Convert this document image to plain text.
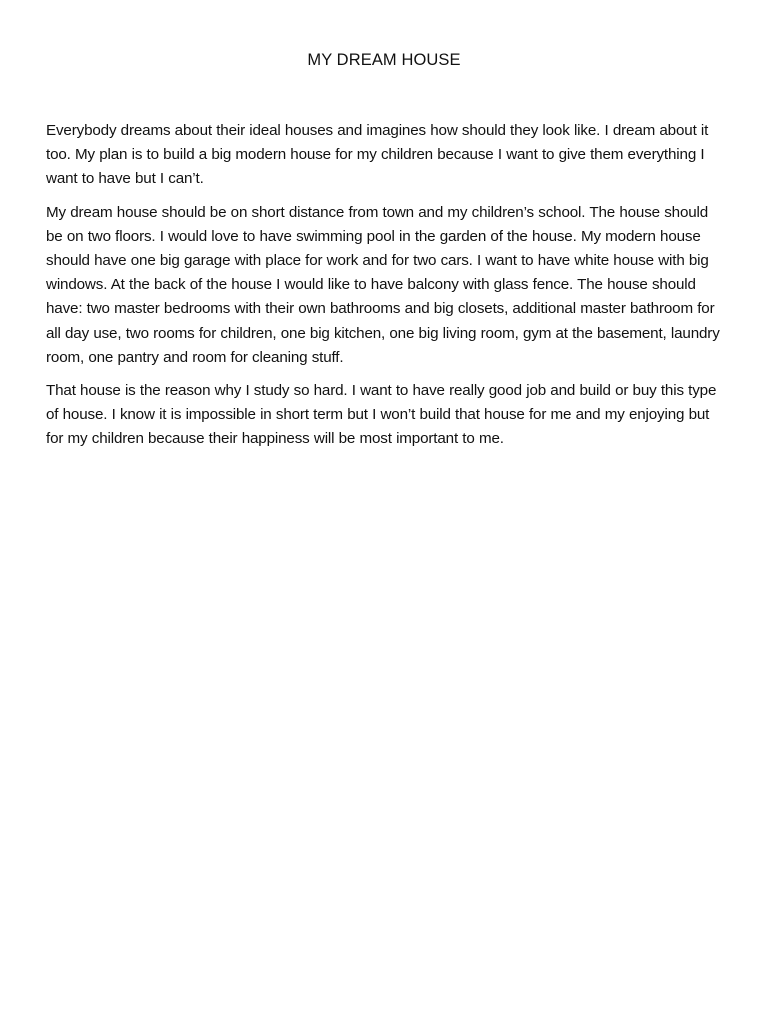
MY DREAM HOUSE

Everybody dreams about their ideal houses and imagines how should they look like. I dream about it too. My plan is to build a big modern house for my children because I want to give them everything I want to have but I can’t.

My dream house should be on short distance from town and my children’s school. The house should be on two floors. I would love to have swimming pool in the garden of the house. My modern house should have one big garage with place for work and for two cars. I want to have white house with big windows. At the back of the house I would like to have balcony with glass fence. The house should have: two master bedrooms with their own bathrooms and big closets, additional master bathroom for all day use, two rooms for children, one big kitchen, one big living room, gym at the basement, laundry room, one pantry and room for cleaning stuff.

That house is the reason why I study so hard. I want to have really good job and build or buy this type of house. I know it is impossible in short term but I won’t build that house for me and my enjoying but for my children because their happiness will be most important to me.
